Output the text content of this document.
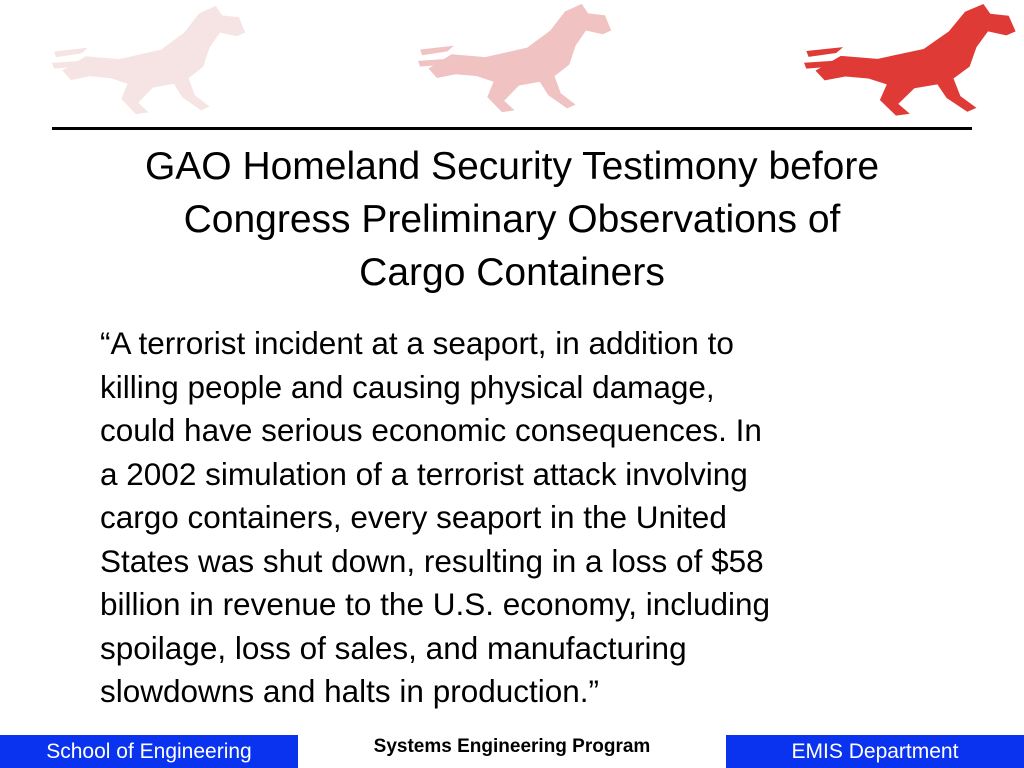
GAO Homeland Security Testimony before
Congress Preliminary Observations of
Cargo Containers

“A terrorist incident at a seaport, in addition to
killing people and causing physical damage,
could have serious economic consequences. In
a 2002 simulation of a terrorist attack involving
cargo containers, every seaport in the United
States was shut down, resulting in a loss of $58
billion in revenue to the U.S. economy, including
spoilage, loss of sales, and manufacturing
slowdowns and halts in production.”

School of Engineering	Systems Engineering Program	EMIS Department
